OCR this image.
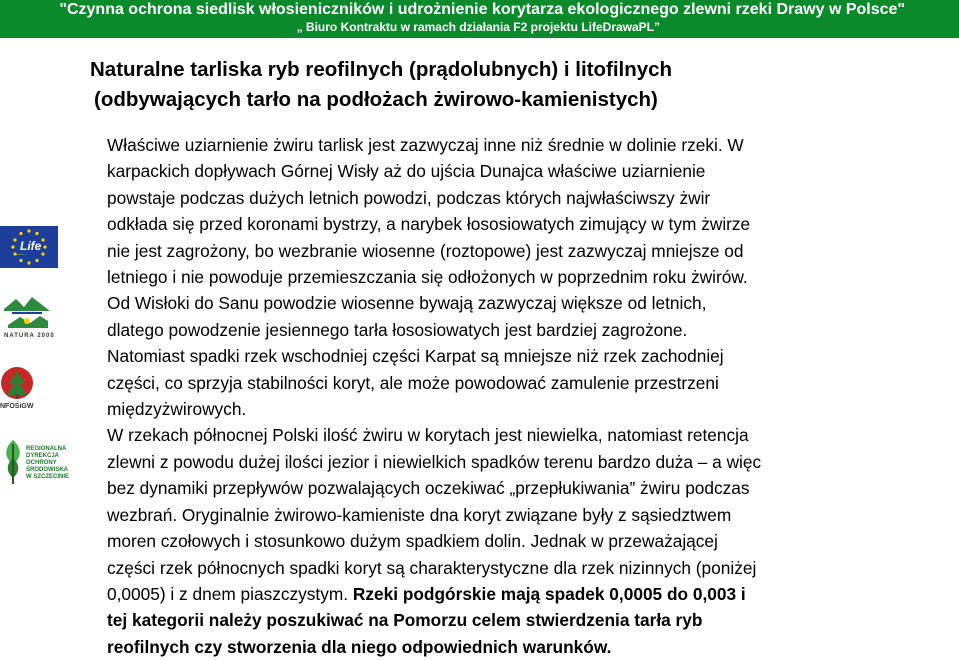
"Czynna ochrona siedlisk włosieniczników i udrożnienie korytarza ekologicznego zlewni rzeki Drawy w Polsce"
„ Biuro Kontraktu w ramach działania F2 projektu LifeDrawaPL”
Naturalne tarliska ryb reofilnych (prądolubnych) i litofilnych
(odbywających tarło na podłożach żwirowo-kamienistych)
Właściwe uziarnienie żwiru tarlisk jest zazwyczaj inne niż średnie w dolinie rzeki. W
karpackich dopływach Górnej Wisły aż do ujścia Dunajca właściwe uziarnienie
powstaje podczas dużych letnich powodzi, podczas których najwłaściwszy żwir
odkłada się przed koronami bystrzy, a narybek łososiowatych zimujący w tym żwirze
nie jest zagrożony, bo wezbranie wiosenne (roztopowe) jest zazwyczaj mniejsze od
letniego i nie powoduje przemieszczania się odłożonych w poprzednim roku żwirów.
Od Wisłoki do Sanu powodzie wiosenne bywają zazwyczaj większe od letnich,
dlatego powodzenie jesiennego tarła łososiowatych jest bardziej zagrożone.
Natomiast spadki rzek wschodniej części Karpat są mniejsze niż rzek zachodniej
części, co sprzyja stabilności koryt, ale może powodować zamulenie przestrzeni
międzyżwirowych.
W rzekach północnej Polski ilość żwiru w korytach jest niewielka, natomiast retencja
zlewni z powodu dużej ilości jezior i niewielkich spadków terenu bardzo duża – a więc
bez dynamiki przepływów pozwalających oczekiwać „przepłukiwania” żwiru podczas
wezbrań. Oryginalnie żwirowo-kamieniste dna koryt związane były z sąsiedztwem
moren czołowych i stosunkowo dużym spadkiem dolin. Jednak w przeważającej
części rzek północnych spadki koryt są charakterystyczne dla rzek nizinnych (poniżej
0,0005) i z dnem piaszczystym. Rzeki podgórskie mają spadek 0,0005 do 0,003 i
tej kategorii należy poszukiwać na Pomorzu celem stwierdzenia tarła ryb
reofilnych czy stworzenia dla niego odpowiednich warunków.
Life
NATURA 2000
NFOŚiGW
REGIONALNA
DYREKCJA
OCHRONY
ŚRODOWISKA
W SZCZECINIE
